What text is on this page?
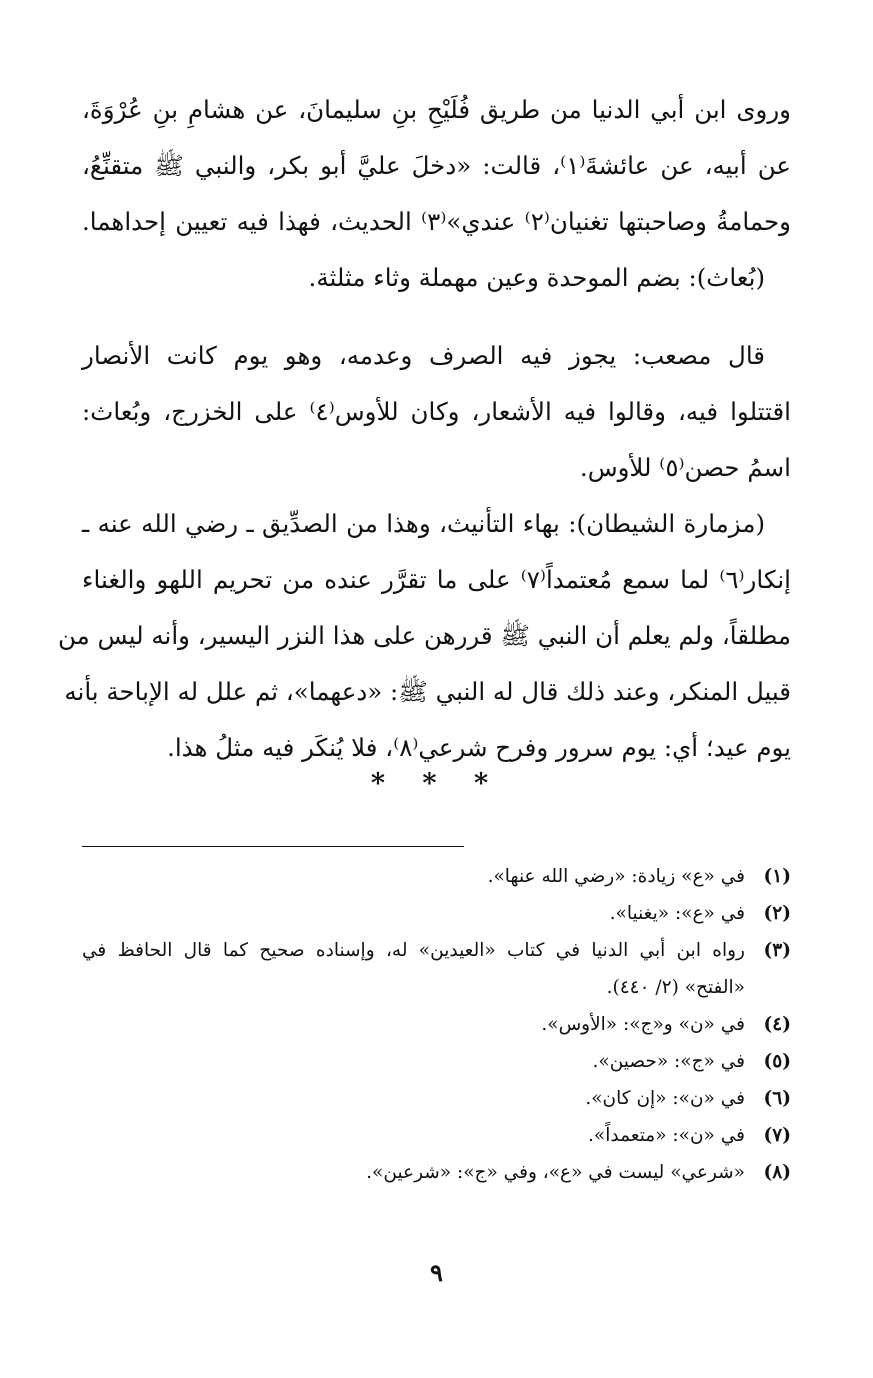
وروى ابن أبي الدنيا من طريق فُلَيْحِ بنِ سليمانَ، عن هشامِ بنِ عُرْوَةَ،
عن أبيه، عن عائشةَ⁽١⁾، قالت: «دخلَ عليَّ أبو بكر، والنبي ﷺ متقنِّعُ،
وحمامةُ وصاحبتها تغنيان⁽٢⁾ عندي»⁽٣⁾ الحديث، فهذا فيه تعيين إحداهما.
(بُعاث): بضم الموحدة وعين مهملة وثاء مثلثة.
قال مصعب: يجوز فيه الصرف وعدمه، وهو يوم كانت الأنصار
اقتتلوا فيه، وقالوا فيه الأشعار، وكان للأوس⁽٤⁾ على الخزرج، وبُعاث:
اسمُ حصن⁽٥⁾ للأوس.
(مزمارة الشيطان): بهاء التأنيث، وهذا من الصدِّيق ـ رضي الله عنه ـ
إنكار⁽٦⁾ لما سمع مُعتمداً⁽٧⁾ على ما تقرَّر عنده من تحريم اللهو والغناء
مطلقاً، ولم يعلم أن النبي ﷺ قررهن على هذا النزر اليسير، وأنه ليس من
قبيل المنكر، وعند ذلك قال له النبي ﷺ: «دعهما»، ثم علل له الإباحة بأنه
يوم عيد؛ أي: يوم سرور وفرح شرعي⁽٨⁾، فلا يُنكَر فيه مثلُ هذا.
* * *
(١)
في «ع» زيادة: «رضي الله عنها».
(٢)
في «ع»: «يغنيا».
(٣)
رواه ابن أبي الدنيا في كتاب «العيدين» له، وإسناده صحيح كما قال الحافظ في
«الفتح» (٢/ ٤٤٠).
(٤)
في «ن» و«ج»: «الأوس».
(٥)
في «ج»: «حصين».
(٦)
في «ن»: «إن كان».
(٧)
في «ن»: «متعمداً».
(٨)
«شرعي» ليست في «ع»، وفي «ج»: «شرعين».
٩
